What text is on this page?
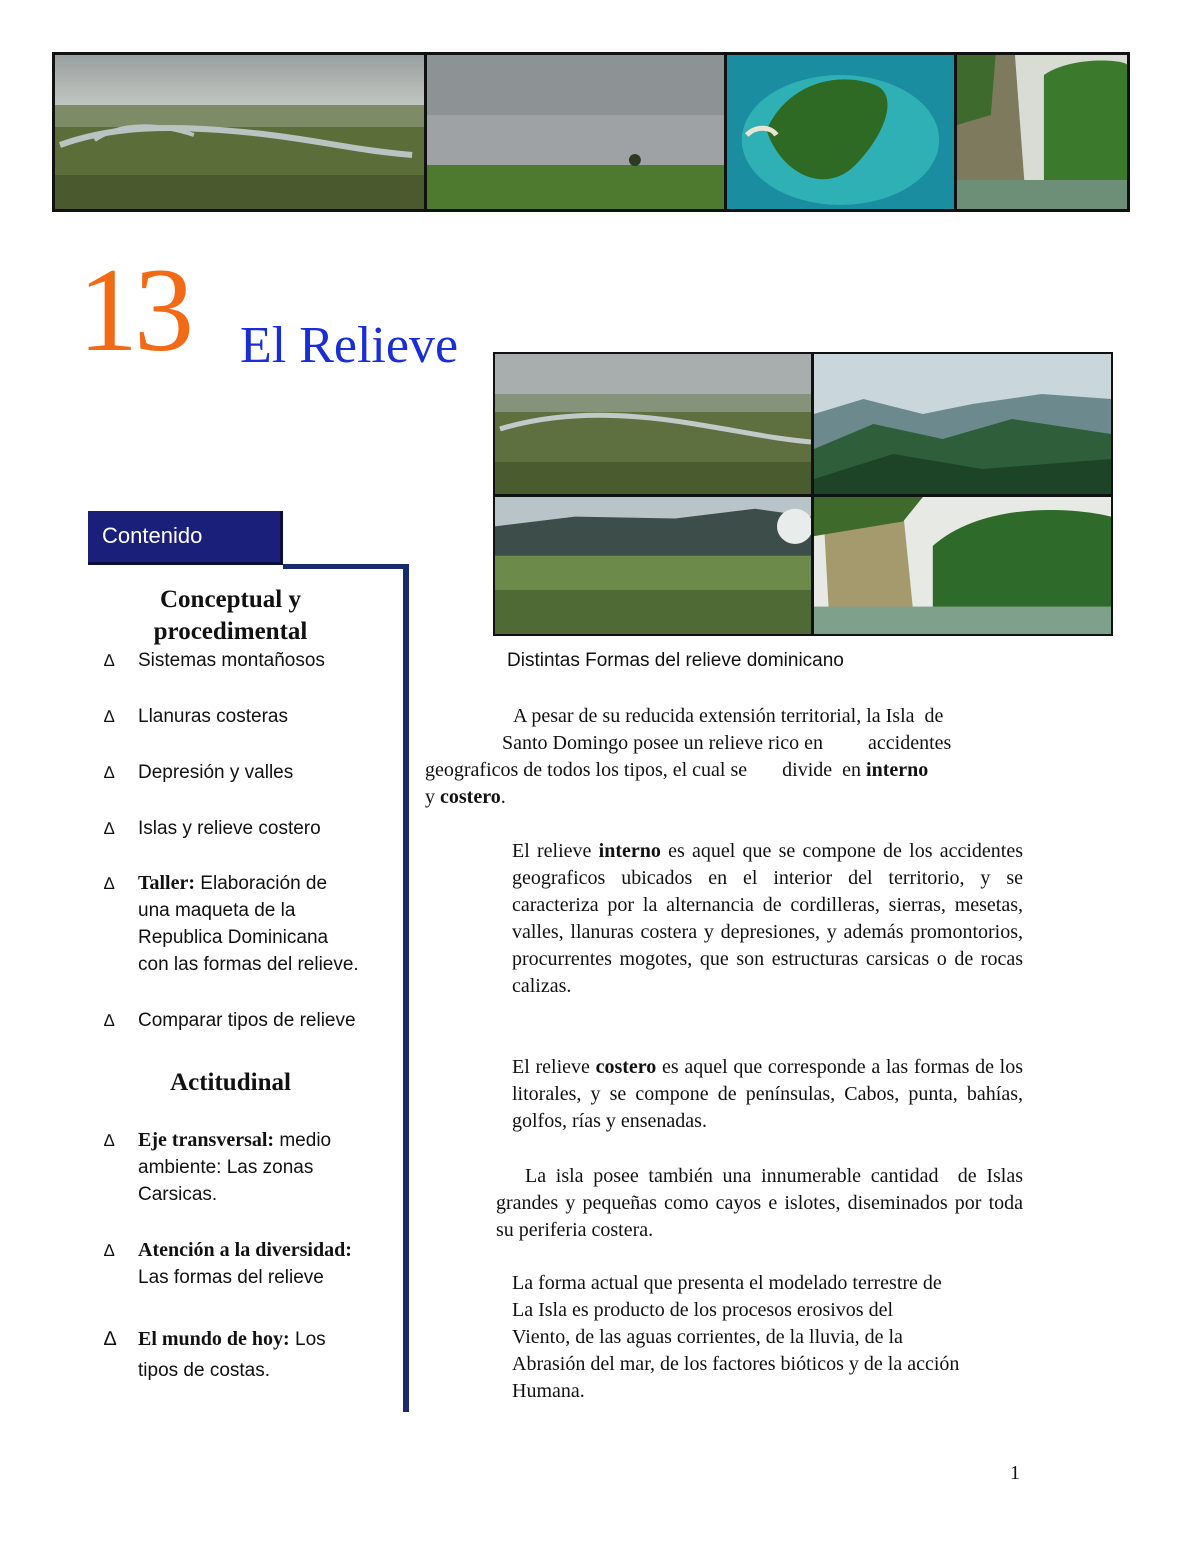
13 El Relieve
Distintas Formas del relieve dominicano
Contenido
Conceptual y
procedimental
∆ Sistemas montañosos
∆ Llanuras costeras
∆ Depresión y valles
∆ Islas y relieve costero
∆ Taller: Elaboración de
una maqueta de la
Republica Dominicana
con las formas del relieve.
∆ Comparar tipos de relieve
Actitudinal
∆ Eje transversal: medio
ambiente: Las zonas
Carsicas.
∆ Atención a la diversidad:
Las formas del relieve
∆ El mundo de hoy: Los
tipos de costas.
A pesar de su reducida extensión territorial, la Isla  de
Santo Domingo posee un relieve rico en         accidentes
geograficos de todos los tipos, el cual se       divide  en interno
y costero.
El relieve interno es aquel que se compone de los accidentes geograficos ubicados en el interior del territorio, y se caracteriza por la alternancia de cordilleras, sierras, mesetas, valles, llanuras costera y depresiones, y además promontorios, procurrentes mogotes, que son estructuras carsicas o de rocas calizas.
El relieve costero es aquel que corresponde a las formas de los litorales, y se compone de penínsulas, Cabos, punta, bahías, golfos, rías y ensenadas.
La isla posee también una innumerable cantidad  de Islas grandes y pequeñas como cayos e islotes, diseminados por toda su periferia costera.
La forma actual que presenta el modelado terrestre de
La Isla es producto de los procesos erosivos del
Viento, de las aguas corrientes, de la lluvia, de la
Abrasión del mar, de los factores bióticos y de la acción
Humana.
1
